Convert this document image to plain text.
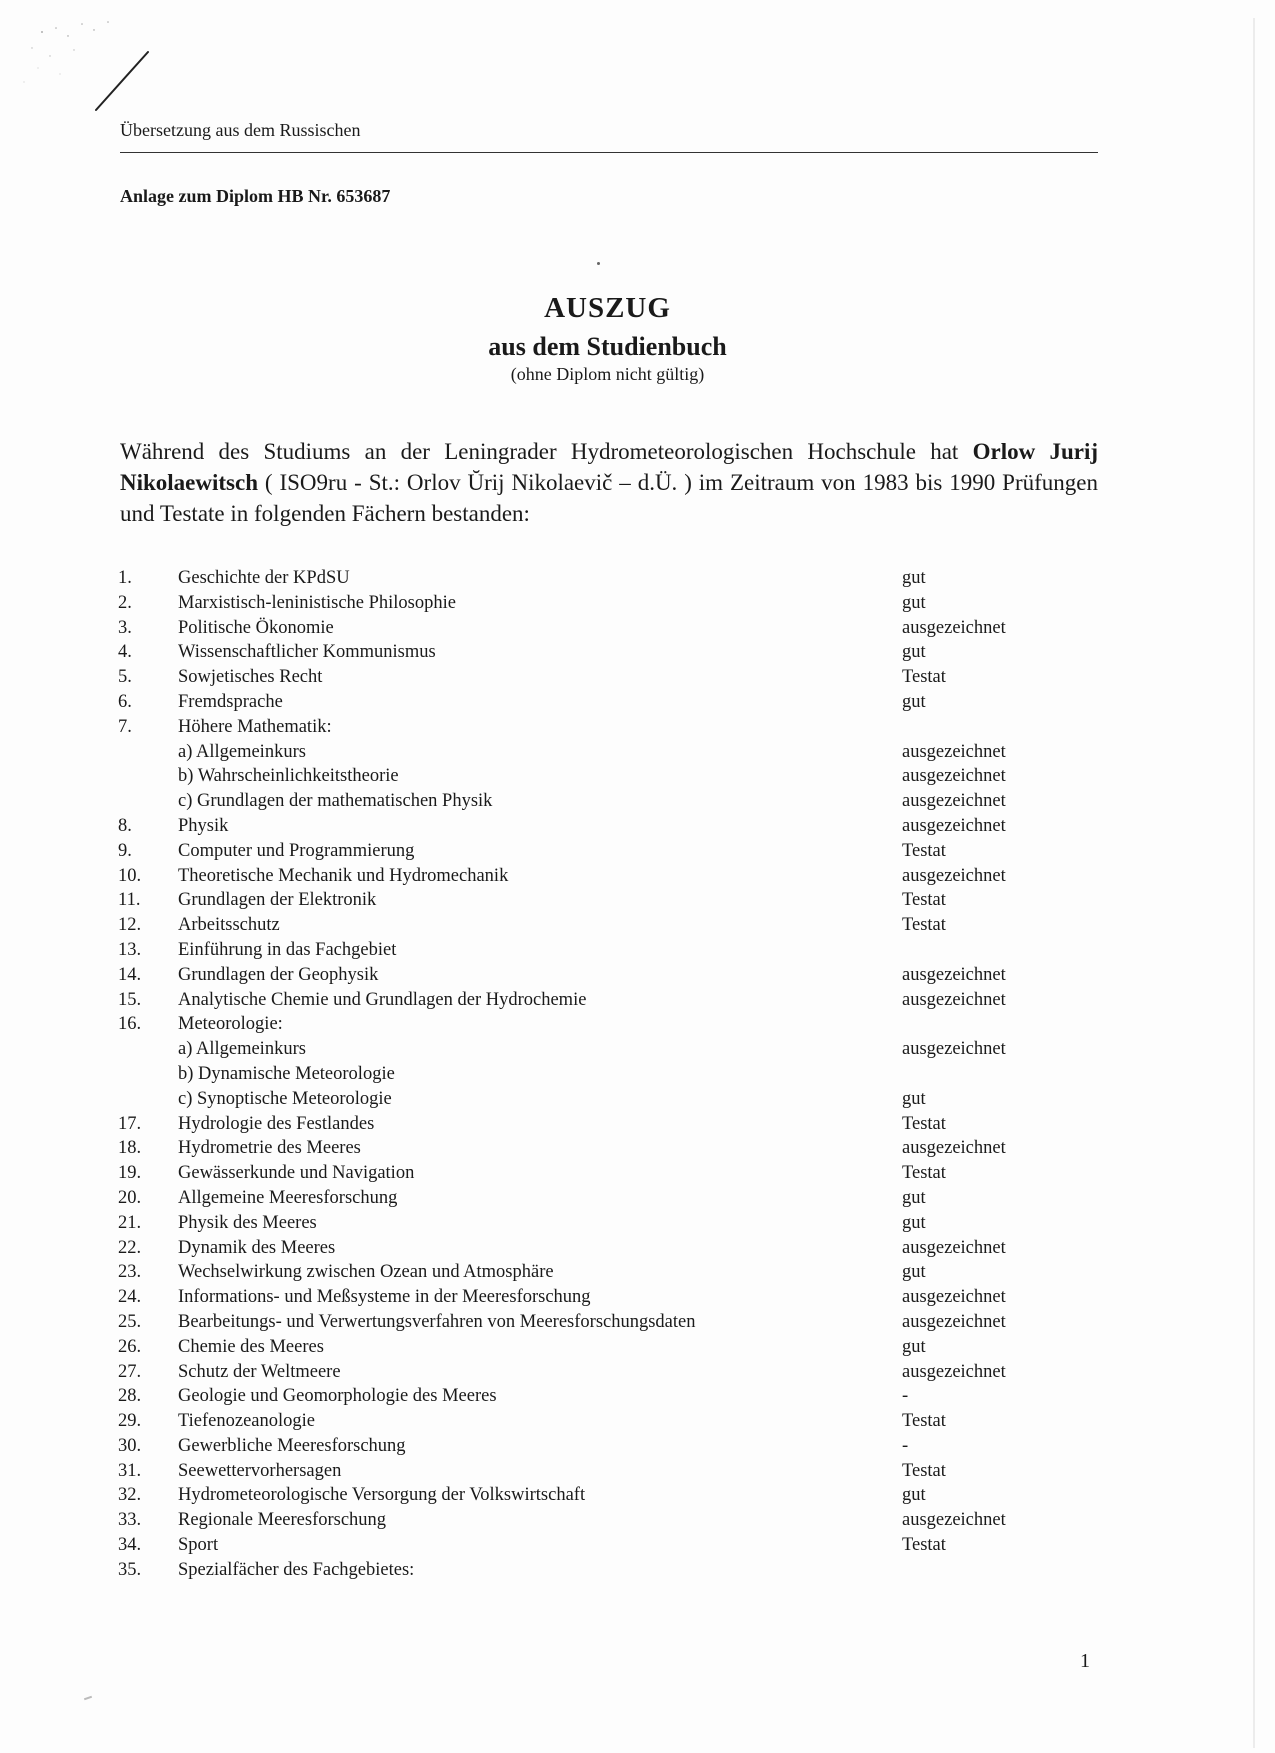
Übersetzung aus dem Russischen
Anlage zum Diplom HB Nr. 653687
AUSZUG
aus dem Studienbuch
(ohne Diplom nicht gültig)
Während des Studiums an der Leningrader Hydrometeorologischen Hochschule hat Orlow Jurij Nikolaewitsch ( ISO9ru - St.: Orlov Ŭrij Nikolaevič – d.Ü. ) im Zeitraum von 1983 bis 1990 Prüfungen und Testate in folgenden Fächern bestanden:
1. Geschichte der KPdSU	gut
2. Marxistisch-leninistische Philosophie	gut
3. Politische Ökonomie	ausgezeichnet
4. Wissenschaftlicher Kommunismus	gut
5. Sowjetisches Recht	Testat
6. Fremdsprache	gut
7. Höhere Mathematik:
a) Allgemeinkurs	ausgezeichnet
b) Wahrscheinlichkeitstheorie	ausgezeichnet
c) Grundlagen der mathematischen Physik	ausgezeichnet
8. Physik	ausgezeichnet
9. Computer und Programmierung	Testat
10. Theoretische Mechanik und Hydromechanik	ausgezeichnet
11. Grundlagen der Elektronik	Testat
12. Arbeitsschutz	Testat
13. Einführung in das Fachgebiet
14. Grundlagen der Geophysik	ausgezeichnet
15. Analytische Chemie und Grundlagen der Hydrochemie	ausgezeichnet
16. Meteorologie:
a) Allgemeinkurs	ausgezeichnet
b) Dynamische Meteorologie
c) Synoptische Meteorologie	gut
17. Hydrologie des Festlandes	Testat
18. Hydrometrie des Meeres	ausgezeichnet
19. Gewässerkunde und Navigation	Testat
20. Allgemeine Meeresforschung	gut
21. Physik des Meeres	gut
22. Dynamik des Meeres	ausgezeichnet
23. Wechselwirkung zwischen Ozean und Atmosphäre	gut
24. Informations- und Meßsysteme in der Meeresforschung	ausgezeichnet
25. Bearbeitungs- und Verwertungsverfahren von Meeresforschungsdaten	ausgezeichnet
26. Chemie des Meeres	gut
27. Schutz der Weltmeere	ausgezeichnet
28. Geologie und Geomorphologie des Meeres	-
29. Tiefenozeanologie	Testat
30. Gewerbliche Meeresforschung	-
31. Seewettervorhersagen	Testat
32. Hydrometeorologische Versorgung der Volkswirtschaft	gut
33. Regionale Meeresforschung	ausgezeichnet
34. Sport	Testat
35. Spezialfächer des Fachgebietes:
1
